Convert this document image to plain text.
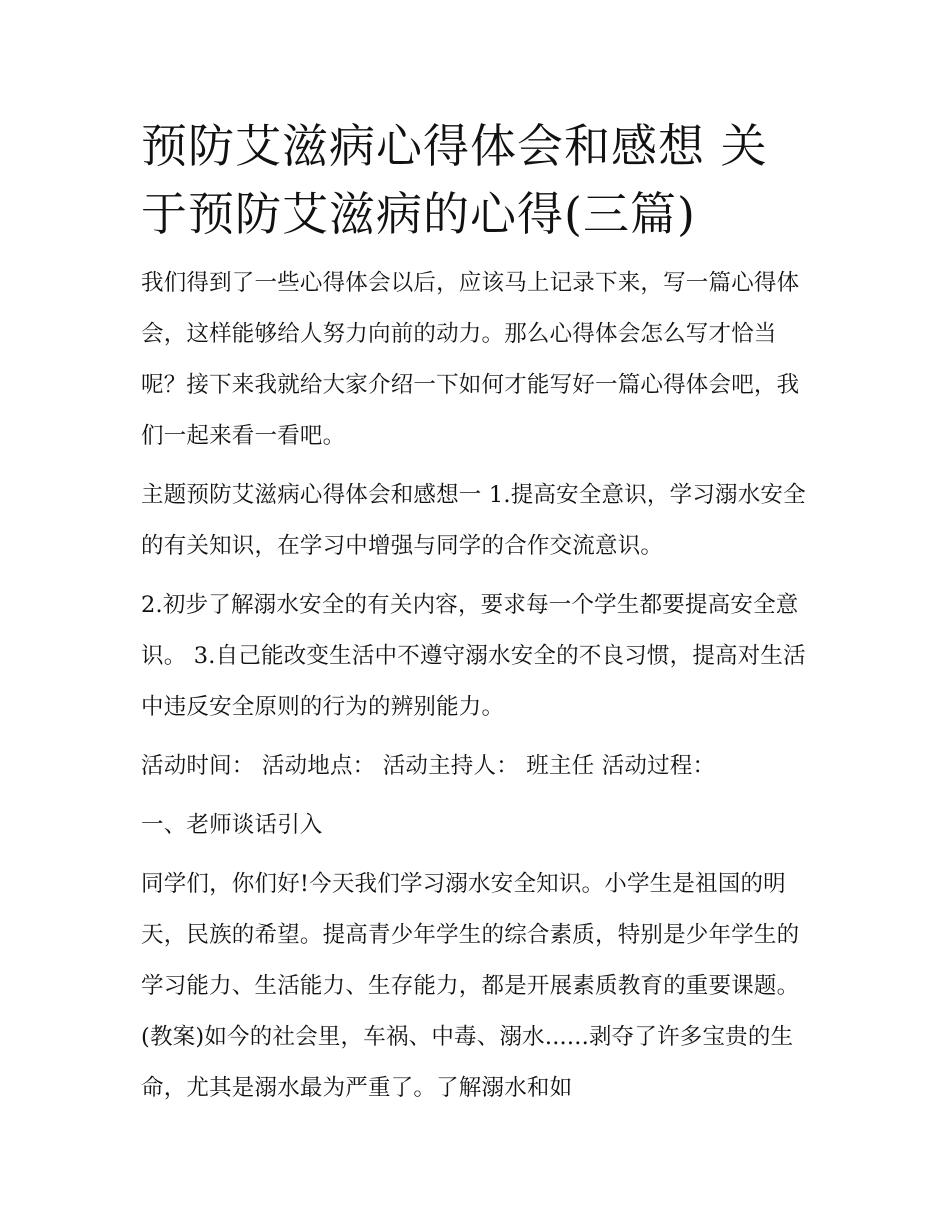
预防艾滋病心得体会和感想 关于预防艾滋病的心得(三篇)

我们得到了一些心得体会以后，应该马上记录下来，写一篇心得体会，这样能够给人努力向前的动力。那么心得体会怎么写才恰当呢？接下来我就给大家介绍一下如何才能写好一篇心得体会吧，我们一起来看一看吧。

主题预防艾滋病心得体会和感想一 1.提高安全意识，学习溺水安全的有关知识，在学习中增强与同学的合作交流意识。

2.初步了解溺水安全的有关内容，要求每一个学生都要提高安全意识。 3.自己能改变生活中不遵守溺水安全的不良习惯，提高对生活中违反安全原则的行为的辨别能力。

活动时间： 活动地点： 活动主持人： 班主任 活动过程：

一、老师谈话引入

同学们，你们好!今天我们学习溺水安全知识。小学生是祖国的明天，民族的希望。提高青少年学生的综合素质，特别是少年学生的学习能力、生活能力、生存能力，都是开展素质教育的重要课题。(教案)如今的社会里，车祸、中毒、溺水......剥夺了许多宝贵的生命，尤其是溺水最为严重了。了解溺水和如
